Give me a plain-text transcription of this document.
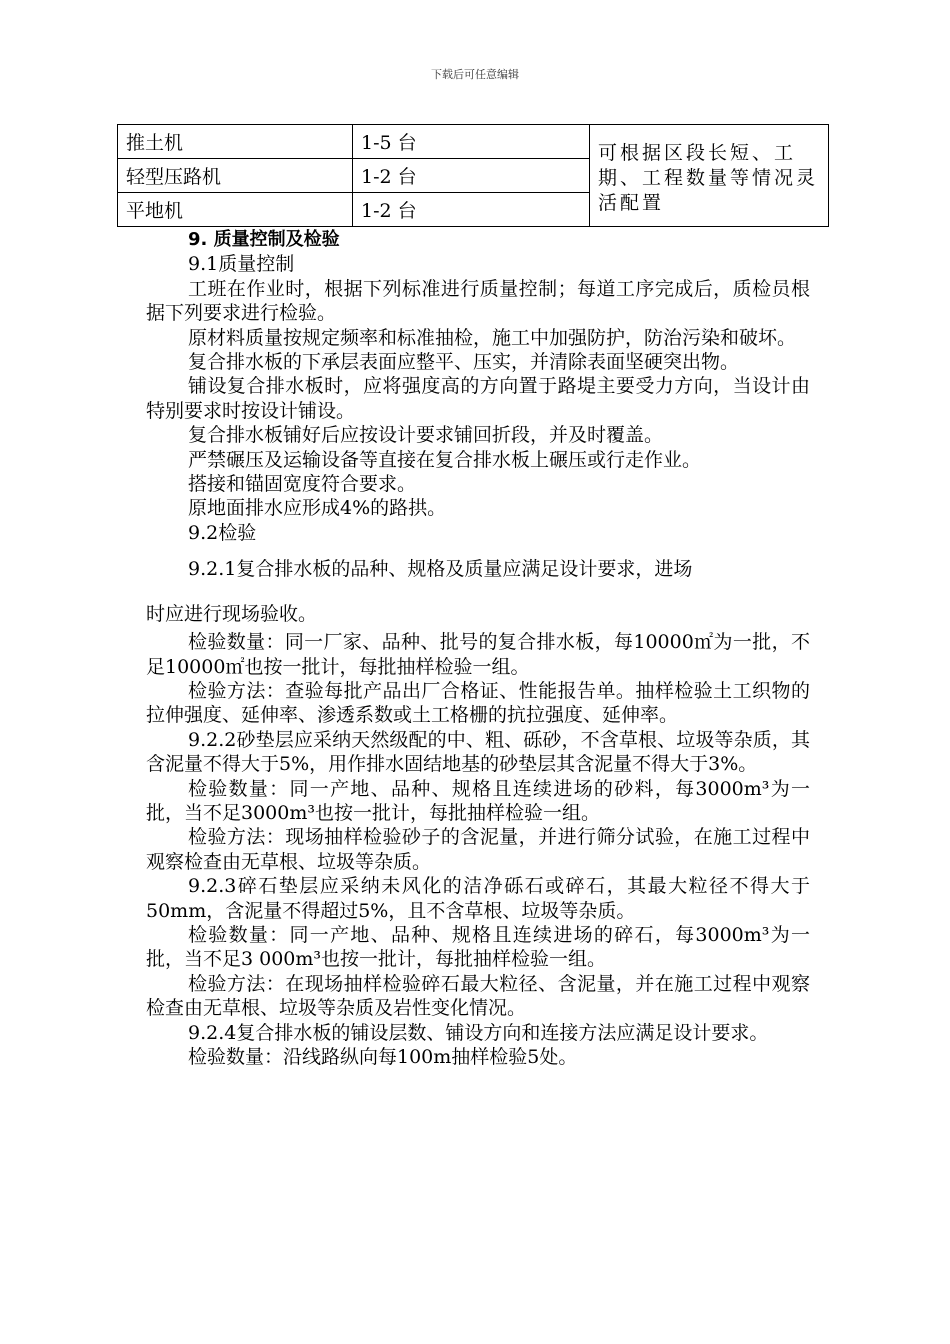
下载后可任意编辑
推土机	1-5 台	可根据区段长短、工期、工程数量等情况灵活配置
轻型压路机	1-2 台	
平地机	1-2 台	

9. 质量控制及检验

9.1质量控制

工班在作业时，根据下列标准进行质量控制；每道工序完成后，质检员根据下列要求进行检验。

原材料质量按规定频率和标准抽检，施工中加强防护，防治污染和破坏。

复合排水板的下承层表面应整平、压实，并清除表面坚硬突出物。

铺设复合排水板时，应将强度高的方向置于路堤主要受力方向，当设计由特别要求时按设计铺设。

复合排水板铺好后应按设计要求铺回折段，并及时覆盖。

严禁碾压及运输设备等直接在复合排水板上碾压或行走作业。

搭接和锚固宽度符合要求。

原地面排水应形成4%的路拱。

9.2检验

9.2.1复合排水板的品种、规格及质量应满足设计要求，进场

时应进行现场验收。

检验数量：同一厂家、品种、批号的复合排水板，每10000㎡为一批，不足10000㎡也按一批计，每批抽样检验一组。

检验方法：查验每批产品出厂合格证、性能报告单。抽样检验土工织物的拉伸强度、延伸率、渗透系数或土工格栅的抗拉强度、延伸率。

9.2.2砂垫层应采纳天然级配的中、粗、砾砂，不含草根、垃圾等杂质，其含泥量不得大于5%，用作排水固结地基的砂垫层其含泥量不得大于3%。

检验数量：同一产地、品种、规格且连续进场的砂料，每3000m³为一批，当不足3000m³也按一批计，每批抽样检验一组。

检验方法：现场抽样检验砂子的含泥量，并进行筛分试验，在施工过程中观察检查由无草根、垃圾等杂质。

9.2.3碎石垫层应采纳未风化的洁净砾石或碎石，其最大粒径不得大于50mm，含泥量不得超过5%，且不含草根、垃圾等杂质。

检验数量：同一产地、品种、规格且连续进场的碎石，每3000m³为一批，当不足3 000m³也按一批计，每批抽样检验一组。

检验方法：在现场抽样检验碎石最大粒径、含泥量，并在施工过程中观察检查由无草根、垃圾等杂质及岩性变化情况。

9.2.4复合排水板的铺设层数、铺设方向和连接方法应满足设计要求。

检验数量：沿线路纵向每100m抽样检验5处。
